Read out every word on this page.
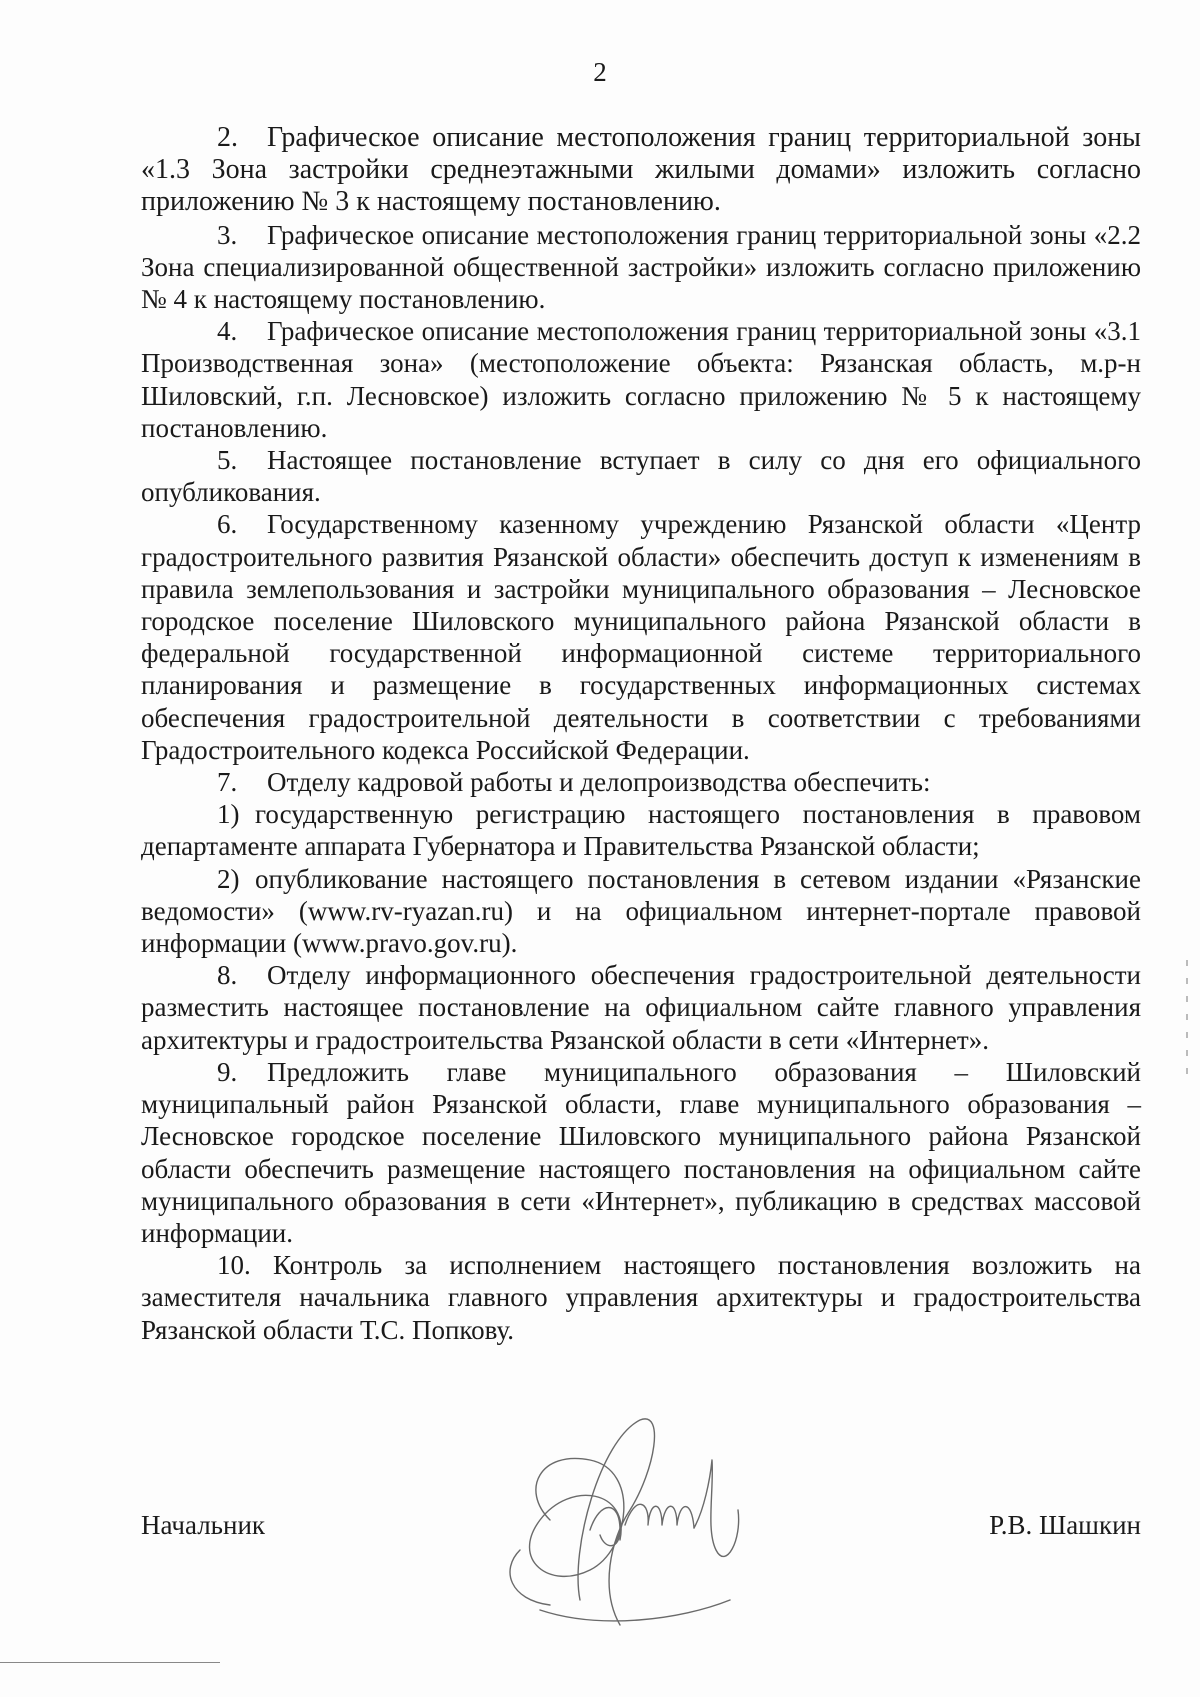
2

2. Графическое описание местоположения границ территориальной зоны «1.3 Зона застройки среднеэтажными жилыми домами» изложить согласно приложению № 3 к настоящему постановлению.

3. Графическое описание местоположения границ территориальной зоны «2.2 Зона специализированной общественной застройки» изложить согласно приложению № 4 к настоящему постановлению.

4. Графическое описание местоположения границ территориальной зоны «3.1 Производственная зона» (местоположение объекта: Рязанская область, м.р-н Шиловский, г.п. Лесновское) изложить согласно приложению № 5 к настоящему постановлению.

5. Настоящее постановление вступает в силу со дня его официального опубликования.

6. Государственному казенному учреждению Рязанской области «Центр градостроительного развития Рязанской области» обеспечить доступ к изменениям в правила землепользования и застройки муниципального образования – Лесновское городское поселение Шиловского муниципального района Рязанской области в федеральной государственной информационной системе территориального планирования и размещение в государственных информационных системах обеспечения градостроительной деятельности в соответствии с требованиями Градостроительного кодекса Российской Федерации.

7. Отделу кадровой работы и делопроизводства обеспечить:

1) государственную регистрацию настоящего постановления в правовом департаменте аппарата Губернатора и Правительства Рязанской области;

2) опубликование настоящего постановления в сетевом издании «Рязанские ведомости» (www.rv-ryazan.ru) и на официальном интернет-портале правовой информации (www.pravo.gov.ru).

8. Отделу информационного обеспечения градостроительной деятельности разместить настоящее постановление на официальном сайте главного управления архитектуры и градостроительства Рязанской области в сети «Интернет».

9. Предложить главе муниципального образования – Шиловский муниципальный район Рязанской области, главе муниципального образования – Лесновское городское поселение Шиловского муниципального района Рязанской области обеспечить размещение настоящего постановления на официальном сайте муниципального образования в сети «Интернет», публикацию в средствах массовой информации.

10. Контроль за исполнением настоящего постановления возложить на заместителя начальника главного управления архитектуры и градостроительства Рязанской области Т.С. Попкову.

Начальник	Р.В. Шашкин
